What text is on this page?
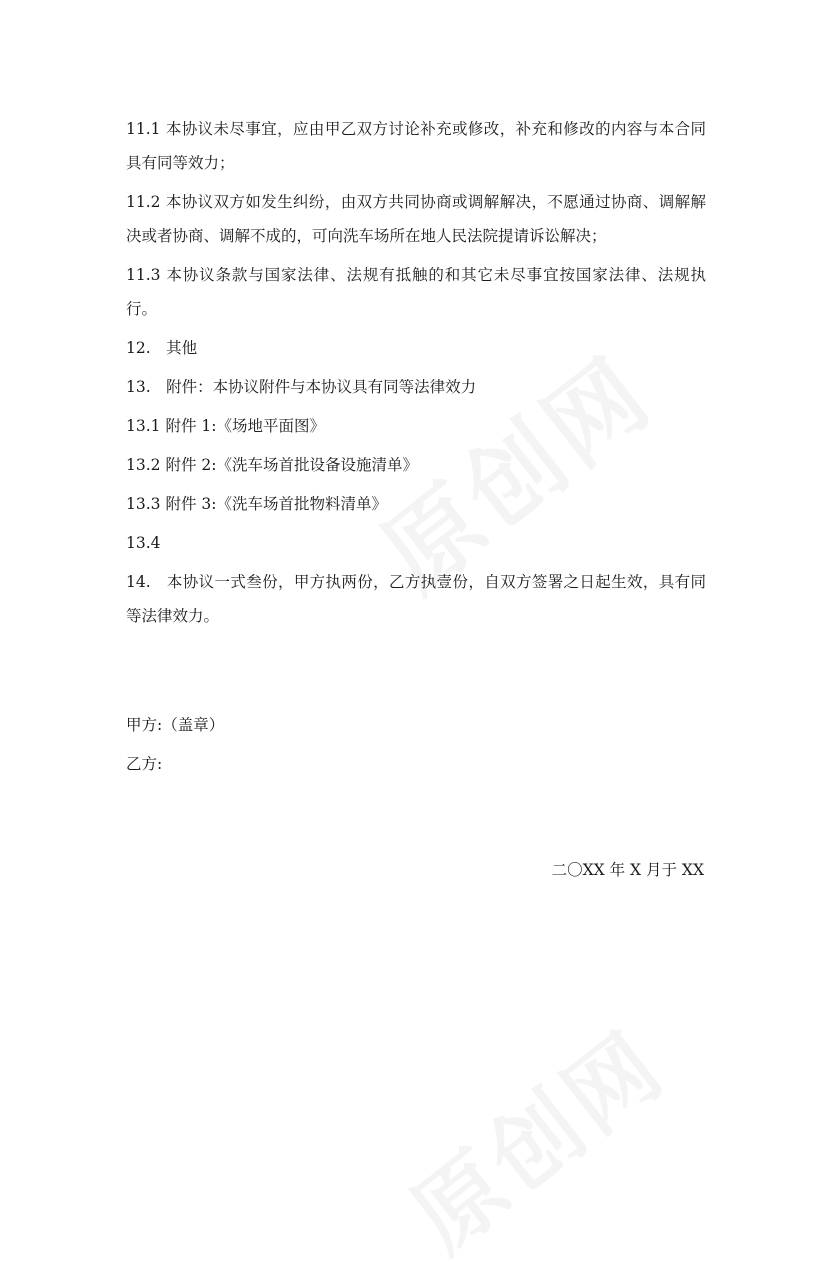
11.1 本协议未尽事宜，应由甲乙双方讨论补充或修改，补充和修改的内容与本合同具有同等效力；

11.2 本协议双方如发生纠纷，由双方共同协商或调解解决，不愿通过协商、调解解决或者协商、调解不成的，可向洗车场所在地人民法院提请诉讼解决；

11.3 本协议条款与国家法律、法规有抵触的和其它未尽事宜按国家法律、法规执行。

12.　其他

13.　附件：本协议附件与本协议具有同等法律效力

13.1 附件 1:《场地平面图》

13.2 附件 2:《洗车场首批设备设施清单》

13.3 附件 3:《洗车场首批物料清单》

13.4

14.　本协议一式叁份，甲方执两份，乙方执壹份，自双方签署之日起生效，具有同等法律效力。

甲方:（盖章）

乙方:

二〇XX 年 X 月于 XX
